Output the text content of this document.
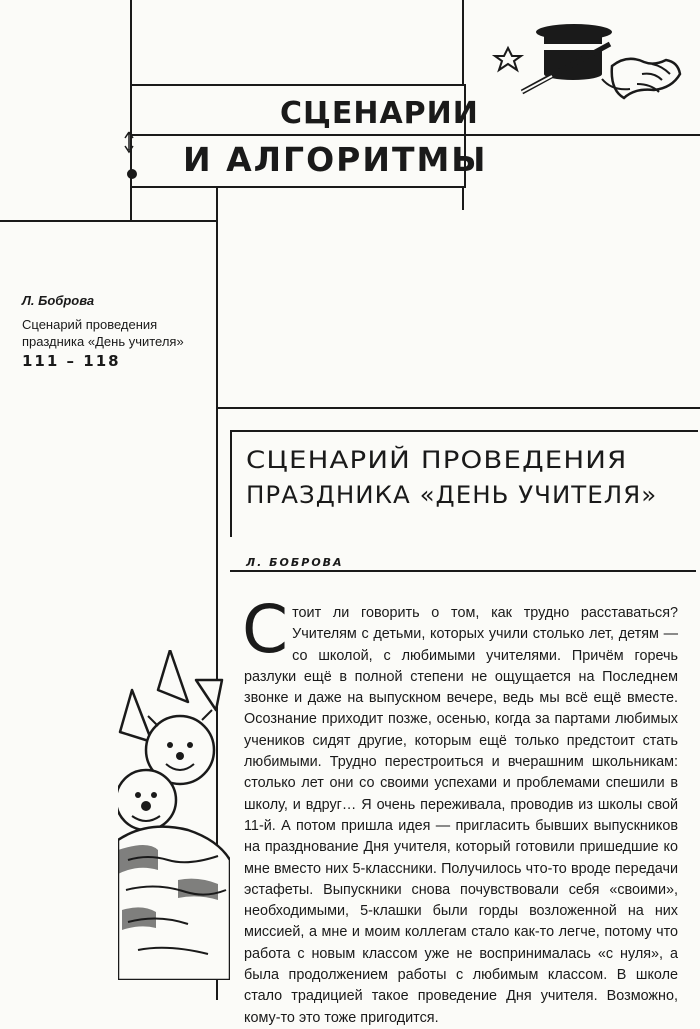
СЦЕНАРИИ
И АЛГОРИТМЫ
Л. Боброва
Сценарий проведения праздника «День учителя»
111 – 118
СЦЕНАРИЙ ПРОВЕДЕНИЯ
ПРАЗДНИКА «ДЕНЬ УЧИТЕЛЯ»
Л. БОБРОВА
С тоит ли говорить о том, как трудно расставаться? Учителям с детьми, которых учили столько лет, детям — со школой, с любимыми учителями. Причём горечь разлуки ещё в полной степени не ощущается на Последнем звонке и даже на выпускном вечере, ведь мы всё ещё вместе. Осознание приходит позже, осенью, когда за партами любимых учеников сидят другие, которым ещё только предстоит стать любимыми. Трудно перестроиться и вчерашним школьникам: столько лет они со своими успехами и проблемами спешили в школу, и вдруг… Я очень переживала, проводив из школы свой 11-й. А потом пришла идея — пригласить бывших выпускников на празднование Дня учителя, который готовили пришедшие ко мне вместо них 5-классники. Получилось что-то вроде передачи эстафеты. Выпускники снова почувствовали себя «своими», необходимыми, 5-клашки были горды возложенной на них миссией, а мне и моим коллегам стало как-то легче, потому что работа с новым классом уже не воспринималась «с нуля», а была продолжением работы с любимым классом. В школе стало традицией такое проведение Дня учителя. Возможно, кому-то это тоже пригодится.
